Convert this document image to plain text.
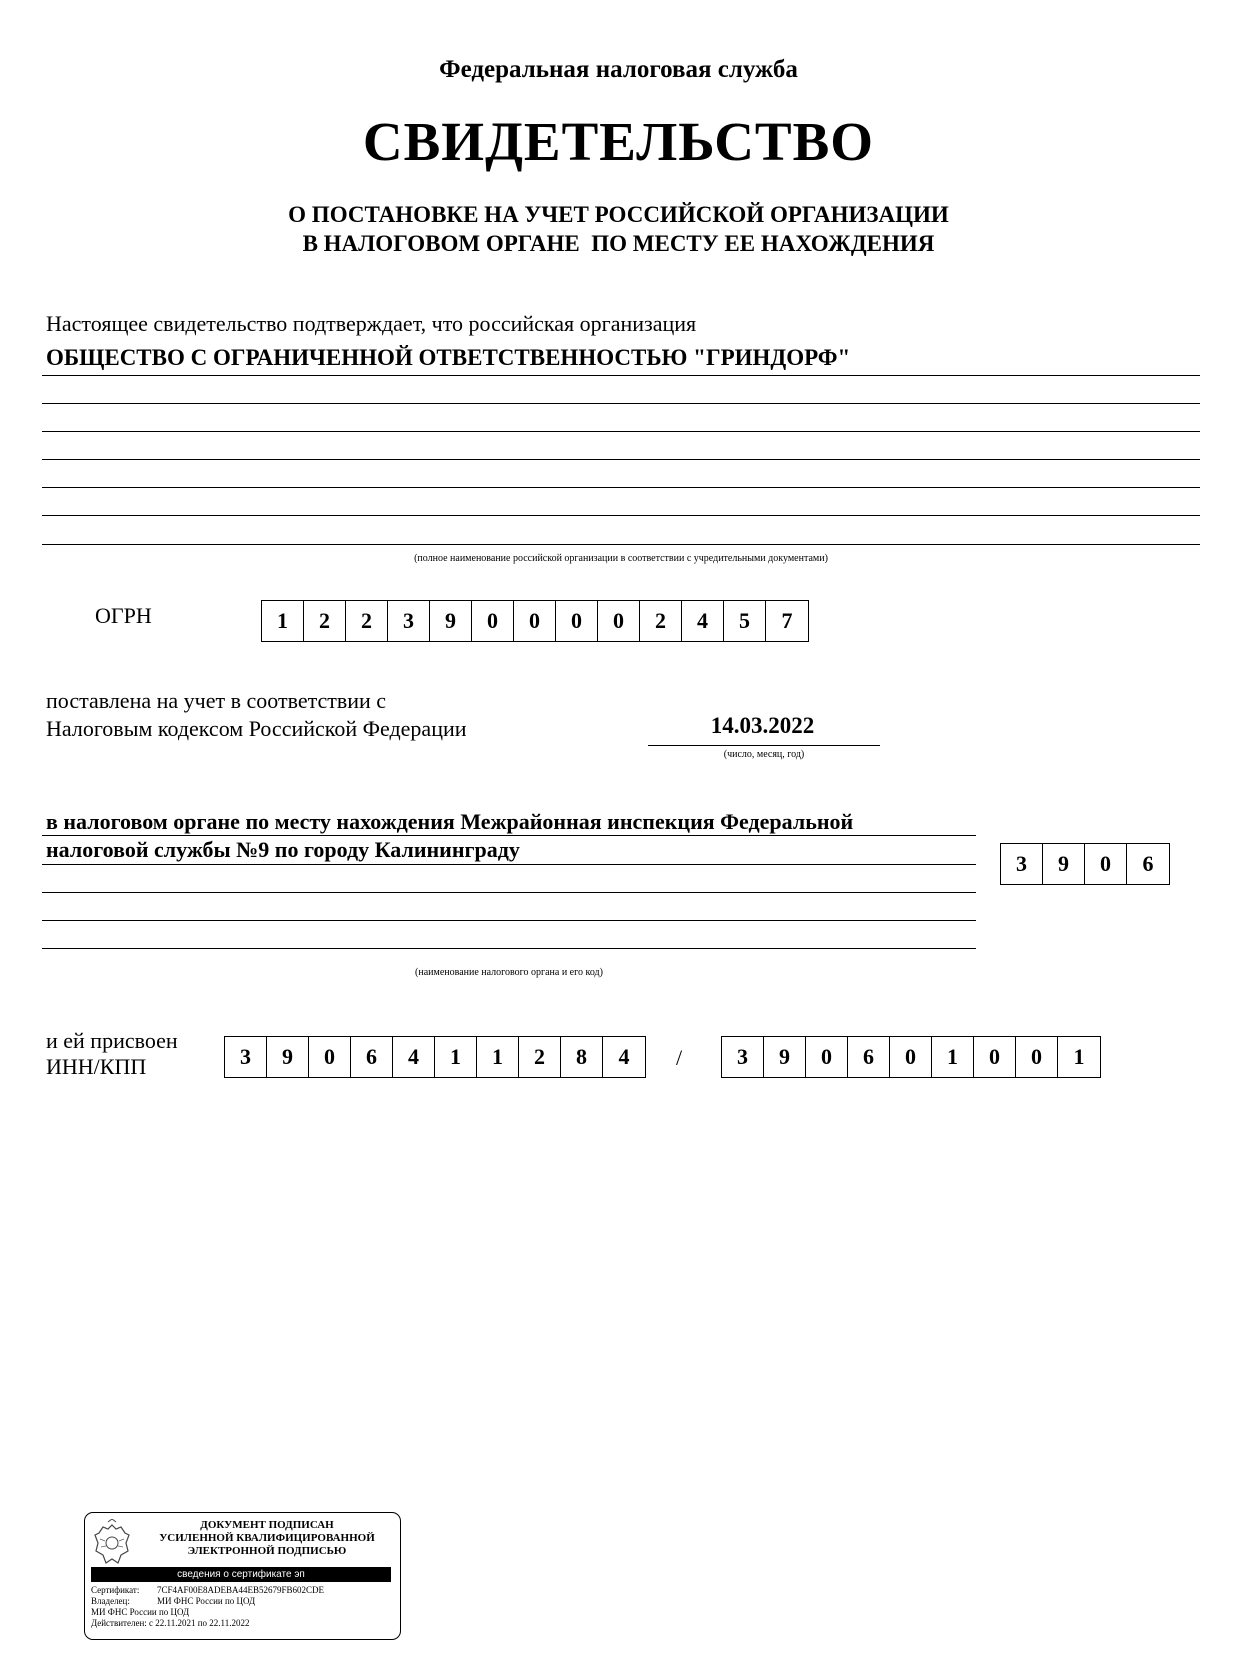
Федеральная налоговая служба
СВИДЕТЕЛЬСТВО
О ПОСТАНОВКЕ НА УЧЕТ РОССИЙСКОЙ ОРГАНИЗАЦИИ
В НАЛОГОВОМ ОРГАНЕ  ПО МЕСТУ ЕЕ НАХОЖДЕНИЯ
Настоящее свидетельство подтверждает, что российская организация
ОБЩЕСТВО С ОГРАНИЧЕННОЙ ОТВЕТСТВЕННОСТЬЮ "ГРИНДОРФ"
(полное наименование российской организации в соответствии с учредительными документами)
ОГРН	1	2	2	3	9	0	0	0	0	2	4	5	7
поставлена на учет в соответствии с
Налоговым кодексом Российской Федерации	14.03.2022
(число, месяц, год)
в налоговом органе по месту нахождения Межрайонная инспекция Федеральной
налоговой службы №9 по городу Калининграду
(наименование налогового органа и его код)
3	9	0	6
и ей присвоен
ИНН/КПП	3	9	0	6	4	1	1	2	8	4	/	3	9	0	6	0	1	0	0	1
ДОКУМЕНТ ПОДПИСАН
УСИЛЕННОЙ КВАЛИФИЦИРОВАННОЙ
ЭЛЕКТРОННОЙ ПОДПИСЬЮ
сведения о сертификате эп
Сертификат: 7CF4AF00E8ADEBA44EB52679FB602CDE
Владелец:	МИ ФНС России по ЦОД
МИ ФНС России по ЦОД
Действителен: с 22.11.2021 по 22.11.2022
